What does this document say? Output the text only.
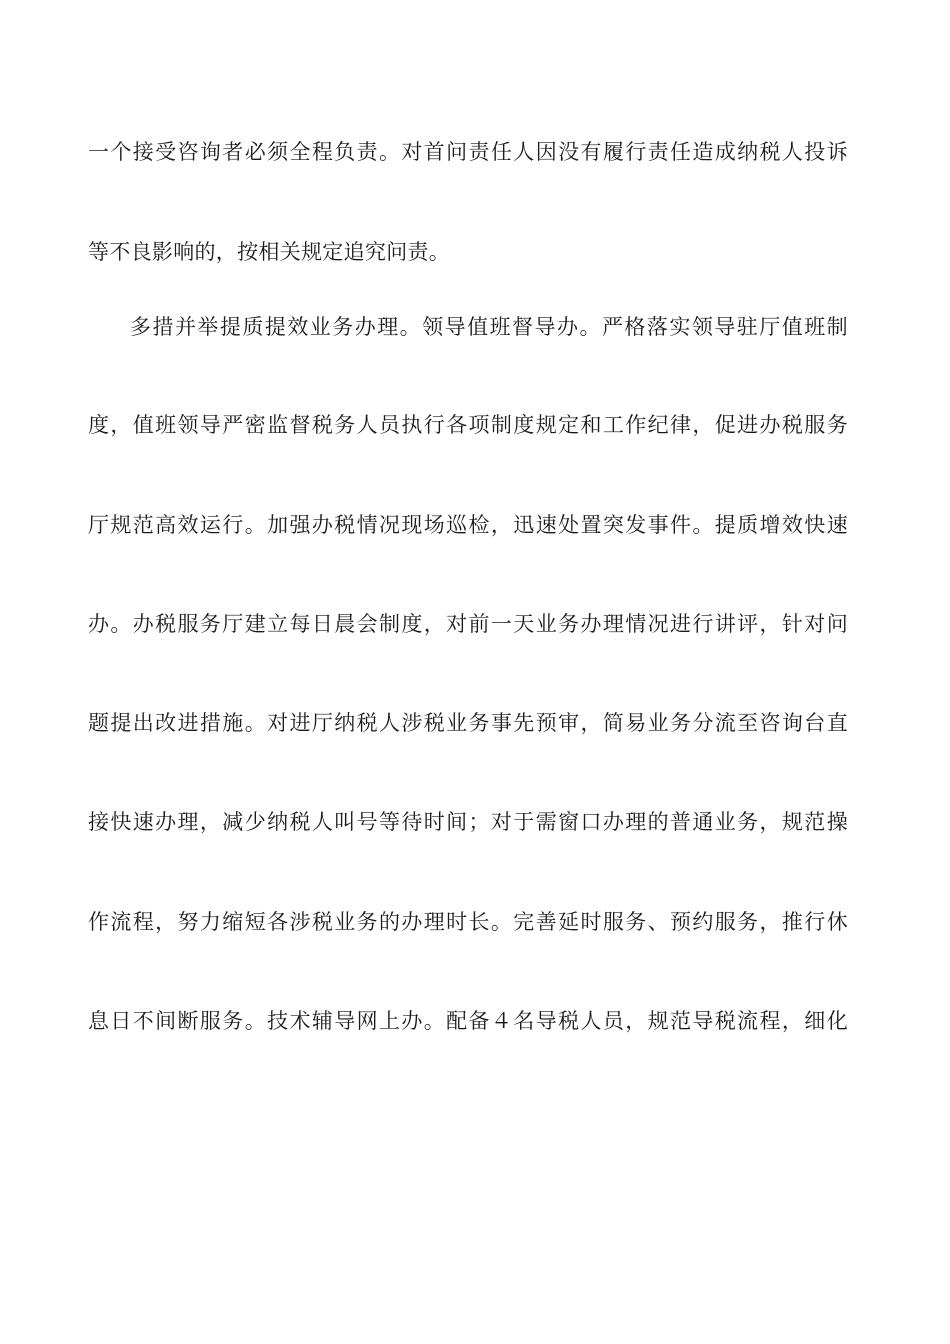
一个接受咨询者必须全程负责。对首问责任人因没有履行责任造成纳税人投诉
等不良影响的，按相关规定追究问责。
多措并举提质提效业务办理。领导值班督导办。严格落实领导驻厅值班制
度，值班领导严密监督税务人员执行各项制度规定和工作纪律，促进办税服务
厅规范高效运行。加强办税情况现场巡检，迅速处置突发事件。提质增效快速
办。办税服务厅建立每日晨会制度，对前一天业务办理情况进行讲评，针对问
题提出改进措施。对进厅纳税人涉税业务事先预审，简易业务分流至咨询台直
接快速办理，减少纳税人叫号等待时间；对于需窗口办理的普通业务，规范操
作流程，努力缩短各涉税业务的办理时长。完善延时服务、预约服务，推行休
息日不间断服务。技术辅导网上办。配备４名导税人员，规范导税流程，细化
